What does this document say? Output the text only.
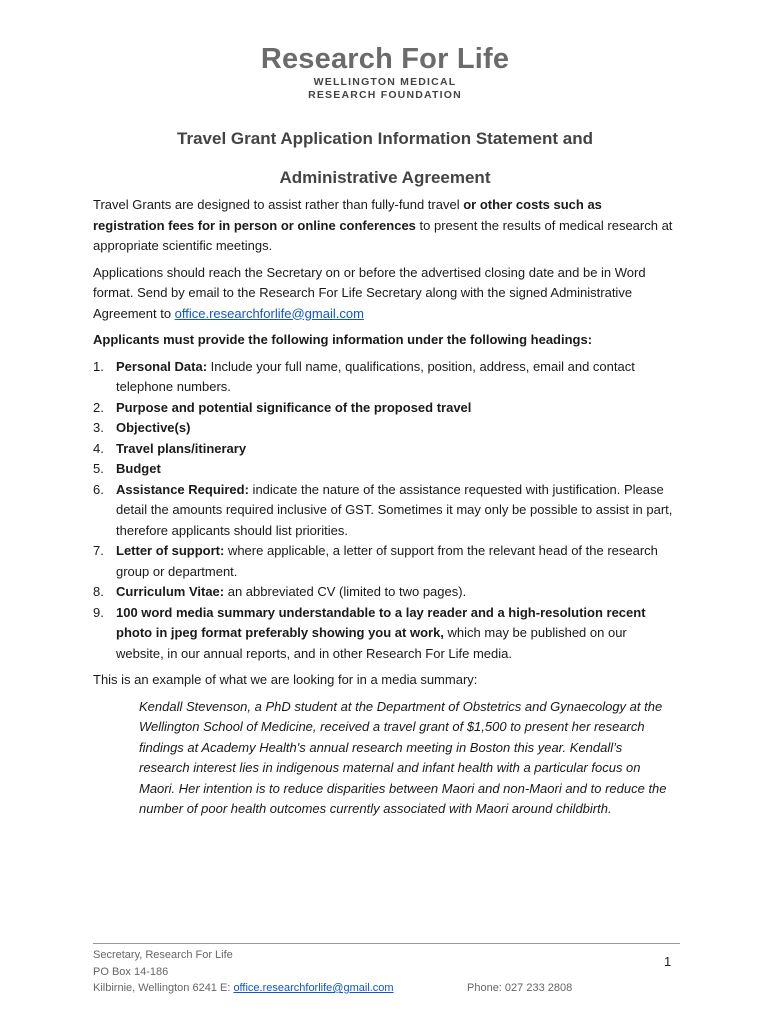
Research For Life
WELLINGTON MEDICAL
RESEARCH FOUNDATION
Travel Grant Application Information Statement and
Administrative Agreement

Travel Grants are designed to assist rather than fully-fund travel or other costs such as registration fees for in person or online conferences to present the results of medical research at appropriate scientific meetings.

Applications should reach the Secretary on or before the advertised closing date and be in Word format. Send by email to the Research For Life Secretary along with the signed Administrative Agreement to office.researchforlife@gmail.com

Applicants must provide the following information under the following headings:

1. Personal Data: Include your full name, qualifications, position, address, email and contact telephone numbers.
2. Purpose and potential significance of the proposed travel
3. Objective(s)
4. Travel plans/itinerary
5. Budget
6. Assistance Required: indicate the nature of the assistance requested with justification. Please detail the amounts required inclusive of GST. Sometimes it may only be possible to assist in part, therefore applicants should list priorities.
7. Letter of support: where applicable, a letter of support from the relevant head of the research group or department.
8. Curriculum Vitae: an abbreviated CV (limited to two pages).
9. 100 word media summary understandable to a lay reader and a high-resolution recent photo in jpeg format preferably showing you at work, which may be published on our website, in our annual reports, and in other Research For Life media.

This is an example of what we are looking for in a media summary:

Kendall Stevenson, a PhD student at the Department of Obstetrics and Gynaecology at the Wellington School of Medicine, received a travel grant of $1,500 to present her research findings at Academy Health's annual research meeting in Boston this year. Kendall’s research interest lies in indigenous maternal and infant health with a particular focus on Maori. Her intention is to reduce disparities between Maori and non-Maori and to reduce the number of poor health outcomes currently associated with Maori around childbirth.
Secretary, Research For Life
PO Box 14-186
Kilbirnie, Wellington 6241 E: office.researchforlife@gmail.com	Phone: 027 233 2808
1
